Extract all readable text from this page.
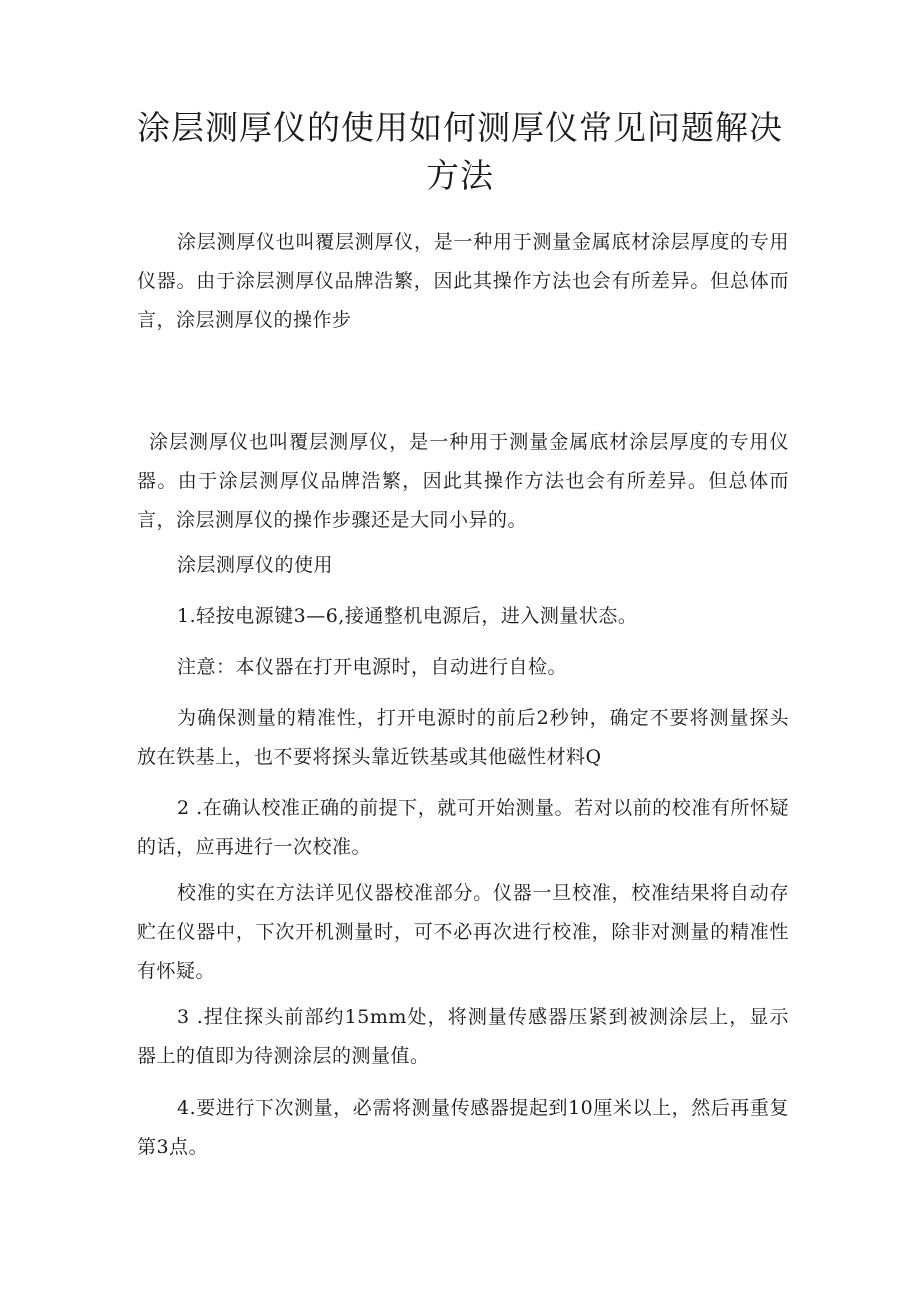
涂层测厚仪的使用如何测厚仪常见问题解决方法

涂层测厚仪也叫覆层测厚仪，是一种用于测量金属底材涂层厚度的专用仪器。由于涂层测厚仪品牌浩繁，因此其操作方法也会有所差异。但总体而言，涂层测厚仪的操作步

涂层测厚仪也叫覆层测厚仪，是一种用于测量金属底材涂层厚度的专用仪器。由于涂层测厚仪品牌浩繁，因此其操作方法也会有所差异。但总体而言，涂层测厚仪的操作步骤还是大同小异的。

涂层测厚仪的使用

1.轻按电源键3—6,接通整机电源后，进入测量状态。

注意：本仪器在打开电源时，自动进行自检。

为确保测量的精准性，打开电源时的前后2秒钟，确定不要将测量探头放在铁基上，也不要将探头靠近铁基或其他磁性材料Q

2 .在确认校准正确的前提下，就可开始测量。若对以前的校准有所怀疑的话，应再进行一次校准。

校准的实在方法详见仪器校准部分。仪器一旦校准，校准结果将自动存贮在仪器中，下次开机测量时，可不必再次进行校准，除非对测量的精准性有怀疑。

3 .捏住探头前部约15mm处，将测量传感器压紧到被测涂层上，显示器上的值即为待测涂层的测量值。

4.要进行下次测量，必需将测量传感器提起到10厘米以上，然后再重复第3点。
